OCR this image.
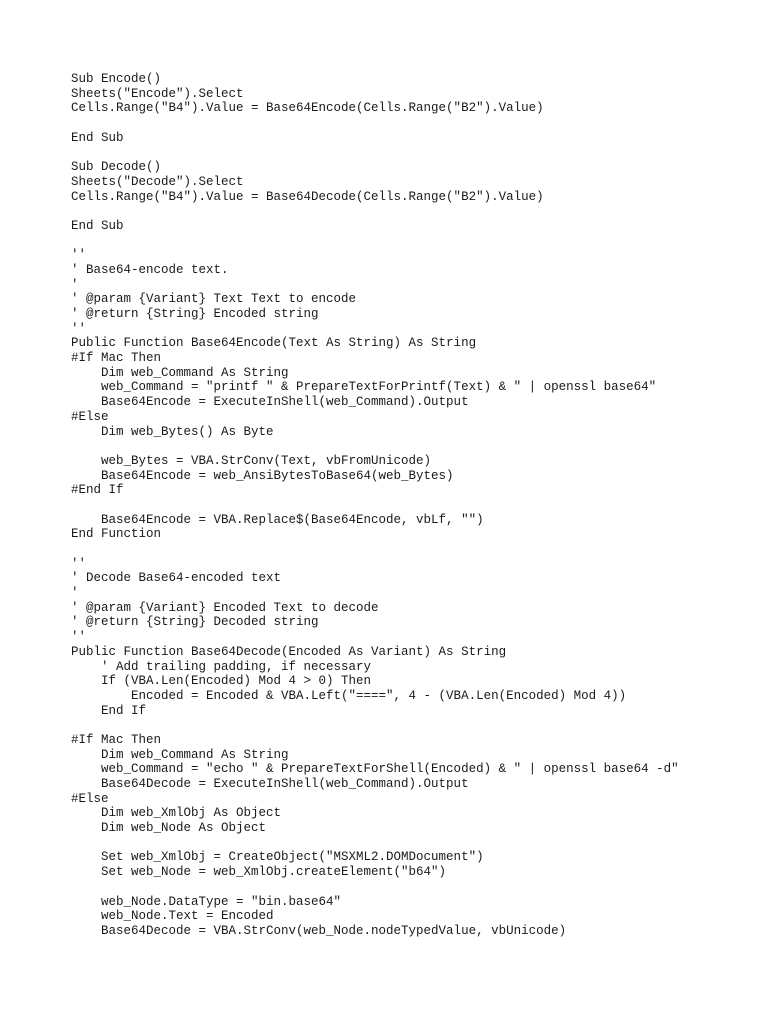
Sub Encode()
Sheets("Encode").Select
Cells.Range("B4").Value = Base64Encode(Cells.Range("B2").Value)
End Sub
Sub Decode()
Sheets("Decode").Select
Cells.Range("B4").Value = Base64Decode(Cells.Range("B2").Value)
End Sub
''
' Base64-encode text.
'
' @param {Variant} Text Text to encode
' @return {String} Encoded string
''
Public Function Base64Encode(Text As String) As String
#If Mac Then
Dim web_Command As String
web_Command = "printf " & PrepareTextForPrintf(Text) & " | openssl base64"
Base64Encode = ExecuteInShell(web_Command).Output
#Else
Dim web_Bytes() As Byte
web_Bytes = VBA.StrConv(Text, vbFromUnicode)
Base64Encode = web_AnsiBytesToBase64(web_Bytes)
#End If
Base64Encode = VBA.Replace$(Base64Encode, vbLf, "")
End Function
''
' Decode Base64-encoded text
'
' @param {Variant} Encoded Text to decode
' @return {String} Decoded string
''
Public Function Base64Decode(Encoded As Variant) As String
' Add trailing padding, if necessary
If (VBA.Len(Encoded) Mod 4 > 0) Then
Encoded = Encoded & VBA.Left("====", 4 - (VBA.Len(Encoded) Mod 4))
End If
#If Mac Then
Dim web_Command As String
web_Command = "echo " & PrepareTextForShell(Encoded) & " | openssl base64 -d"
Base64Decode = ExecuteInShell(web_Command).Output
#Else
Dim web_XmlObj As Object
Dim web_Node As Object
Set web_XmlObj = CreateObject("MSXML2.DOMDocument")
Set web_Node = web_XmlObj.createElement("b64")
web_Node.DataType = "bin.base64"
web_Node.Text = Encoded
Base64Decode = VBA.StrConv(web_Node.nodeTypedValue, vbUnicode)
